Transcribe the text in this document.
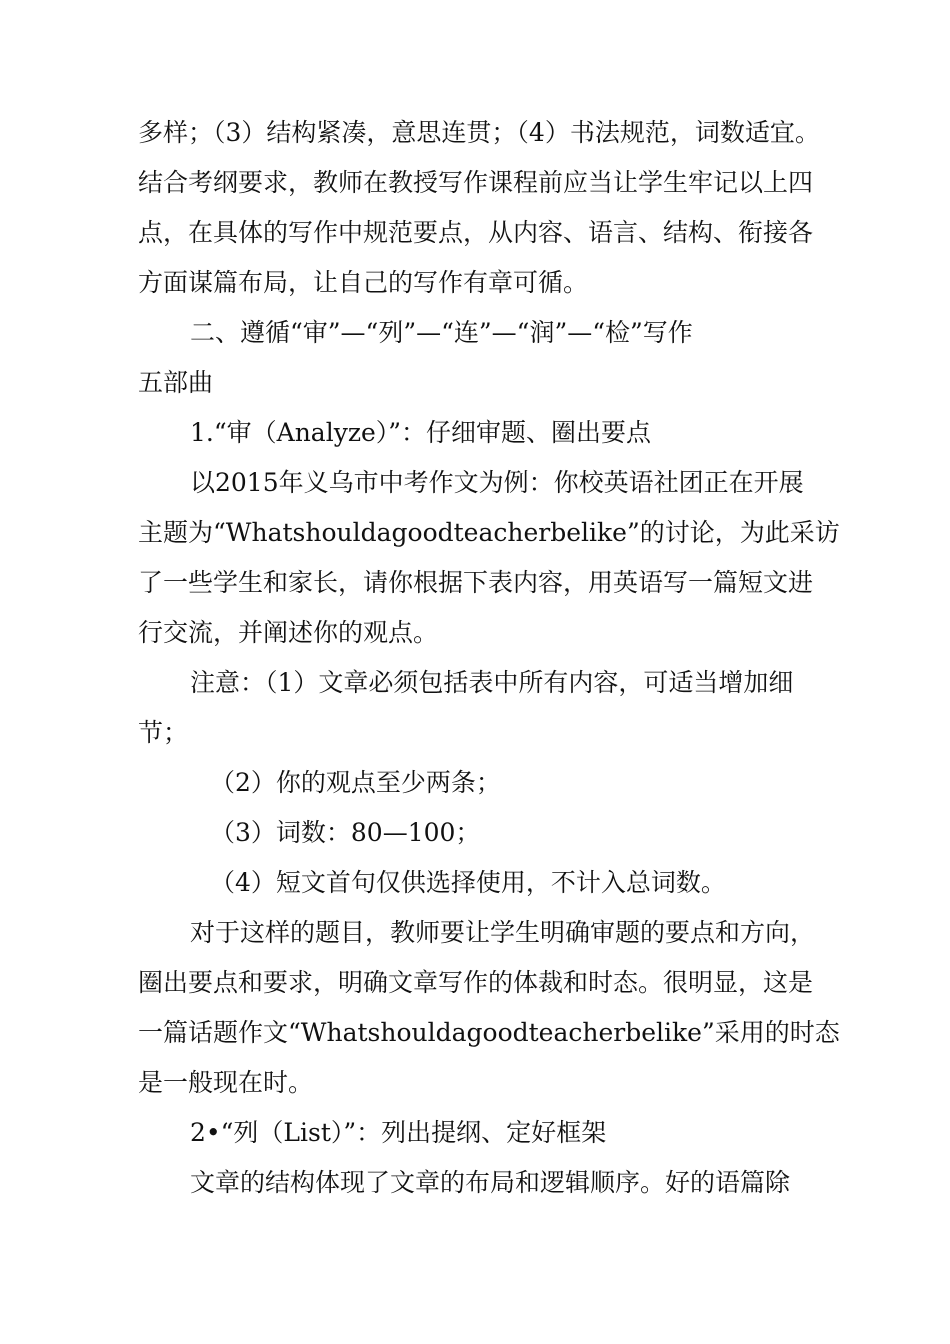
多样；（3）结构紧凑，意思连贯；（4）书法规范，词数适宜。

结合考纲要求，教师在教授写作课程前应当让学生牢记以上四

点，在具体的写作中规范要点，从内容、语言、结构、衔接各

方面谋篇布局，让自己的写作有章可循。

二、遵循“审”—“列”—“连”—“润”—“检”写作

五部曲

1.“审（Analyze）”：仔细审题、圈出要点

以2015年义乌市中考作文为例：你校英语社团正在开展

主题为“Whatshouldagoodteacherbelike”的讨论，为此采访

了一些学生和家长，请你根据下表内容，用英语写一篇短文进

行交流，并阐述你的观点。

注意：（1）文章必须包括表中所有内容，可适当增加细

节；

（2）你的观点至少两条；

（3）词数：80—100；

（4）短文首句仅供选择使用，不计入总词数。

对于这样的题目，教师要让学生明确审题的要点和方向，

圈出要点和要求，明确文章写作的体裁和时态。很明显，这是

一篇话题作文“Whatshouldagoodteacherbelike”采用的时态

是一般现在时。

2•“列（List）”：列出提纲、定好框架

文章的结构体现了文章的布局和逻辑顺序。好的语篇除
